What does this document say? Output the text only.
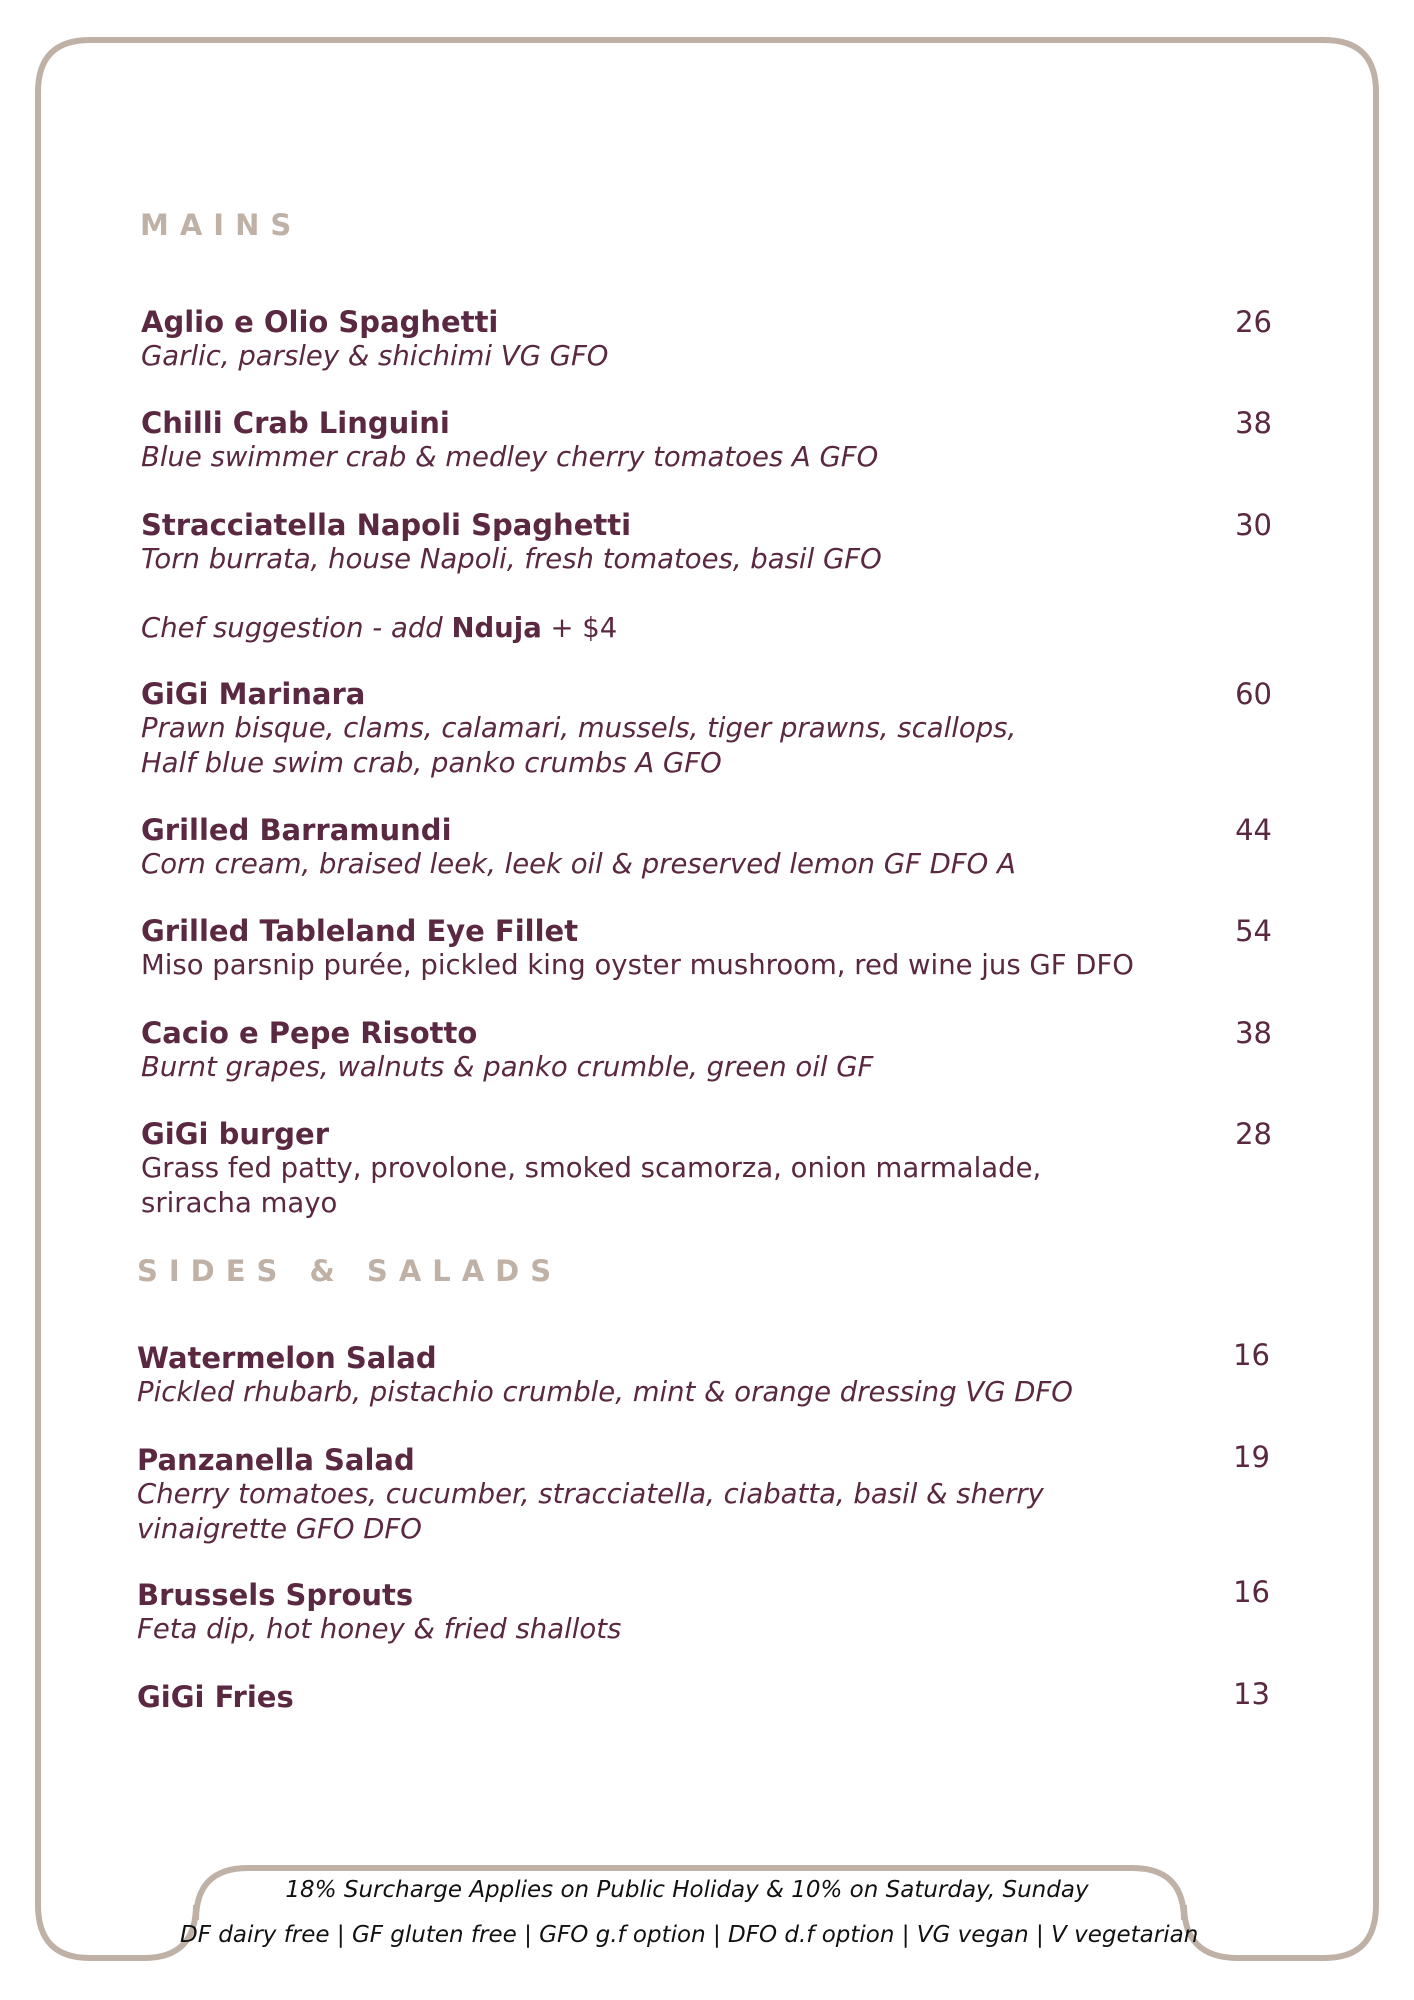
MAINS
Aglio e Olio Spaghetti
Garlic, parsley & shichimi VG GFO
26
Chilli Crab Linguini
Blue swimmer crab & medley cherry tomatoes A GFO
38
Stracciatella Napoli Spaghetti
Torn burrata, house Napoli, fresh tomatoes, basil GFO
30
Chef suggestion - add Nduja + $4
GiGi Marinara
Prawn bisque, clams, calamari, mussels, tiger prawns, scallops,
Half blue swim crab, panko crumbs A GFO
60
Grilled Barramundi
Corn cream, braised leek, leek oil & preserved lemon GF DFO A
44
Grilled Tableland Eye Fillet
Miso parsnip purée, pickled king oyster mushroom, red wine jus GF DFO
54
Cacio e Pepe Risotto
Burnt grapes, walnuts & panko crumble, green oil GF
38
GiGi burger
Grass fed patty, provolone, smoked scamorza, onion marmalade,
sriracha mayo
28
SIDES & SALADS
Watermelon Salad
Pickled rhubarb, pistachio crumble, mint & orange dressing VG DFO
16
Panzanella Salad
Cherry tomatoes, cucumber, stracciatella, ciabatta, basil & sherry
vinaigrette GFO DFO
19
Brussels Sprouts
Feta dip, hot honey & fried shallots
16
GiGi Fries	13
18% Surcharge Applies on Public Holiday & 10% on Saturday, Sunday
DF dairy free | GF gluten free | GFO g.f option | DFO d.f option | VG vegan | V vegetarian
